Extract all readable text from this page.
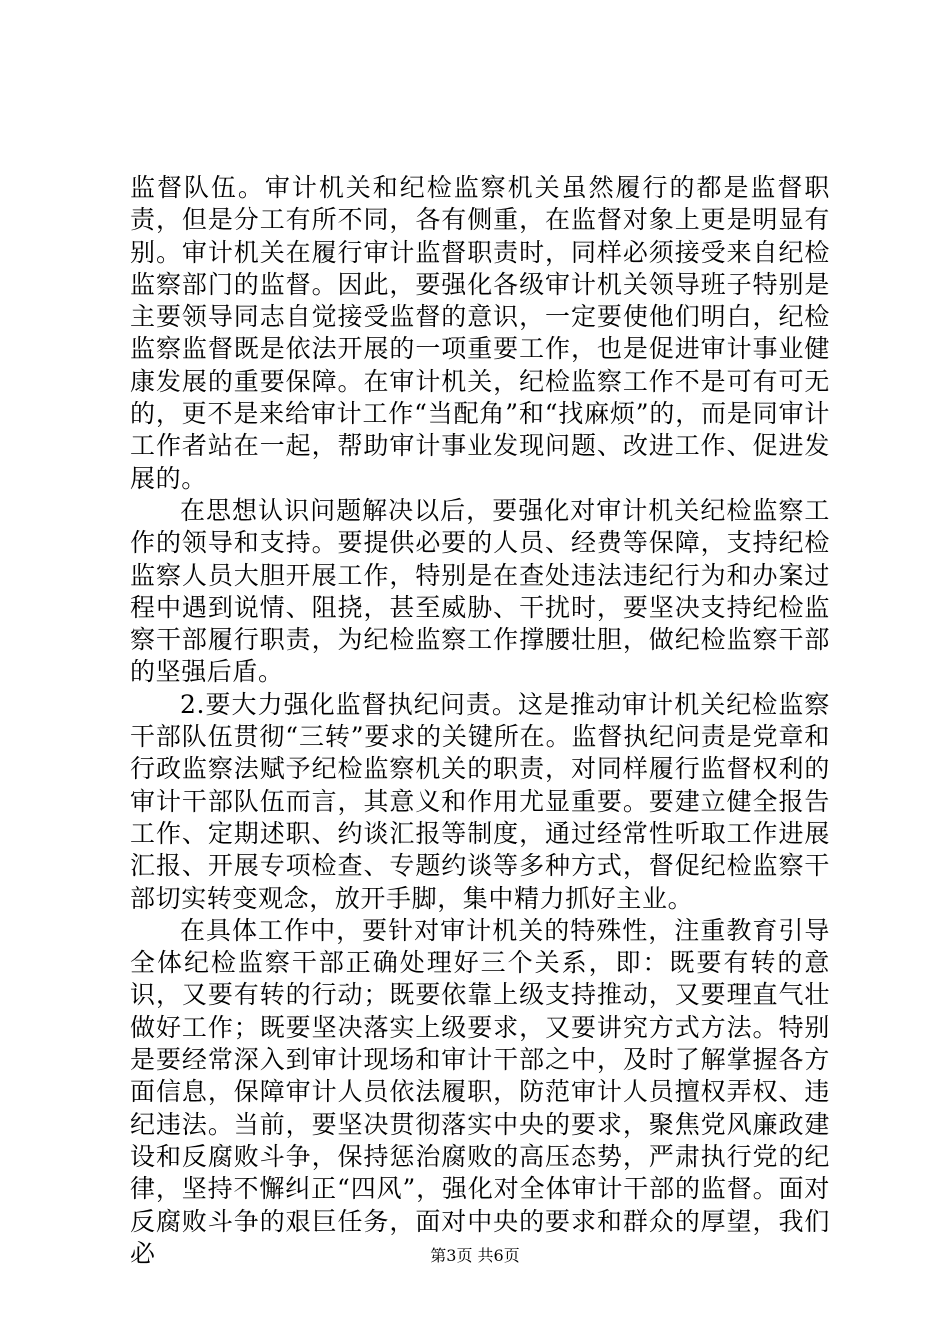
监督队伍。审计机关和纪检监察机关虽然履行的都是监督职责，但是分工有所不同，各有侧重，在监督对象上更是明显有别。审计机关在履行审计监督职责时，同样必须接受来自纪检监察部门的监督。因此，要强化各级审计机关领导班子特别是主要领导同志自觉接受监督的意识，一定要使他们明白，纪检监察监督既是依法开展的一项重要工作，也是促进审计事业健康发展的重要保障。在审计机关，纪检监察工作不是可有可无的，更不是来给审计工作“当配角”和“找麻烦”的，而是同审计工作者站在一起，帮助审计事业发现问题、改进工作、促进发展的。

在思想认识问题解决以后，要强化对审计机关纪检监察工作的领导和支持。要提供必要的人员、经费等保障，支持纪检监察人员大胆开展工作，特别是在查处违法违纪行为和办案过程中遇到说情、阻挠，甚至威胁、干扰时，要坚决支持纪检监察干部履行职责，为纪检监察工作撑腰壮胆，做纪检监察干部的坚强后盾。

2.要大力强化监督执纪问责。这是推动审计机关纪检监察干部队伍贯彻“三转”要求的关键所在。监督执纪问责是党章和行政监察法赋予纪检监察机关的职责，对同样履行监督权利的审计干部队伍而言，其意义和作用尤显重要。要建立健全报告工作、定期述职、约谈汇报等制度，通过经常性听取工作进展汇报、开展专项检查、专题约谈等多种方式，督促纪检监察干部切实转变观念，放开手脚，集中精力抓好主业。

在具体工作中，要针对审计机关的特殊性，注重教育引导全体纪检监察干部正确处理好三个关系，即：既要有转的意识，又要有转的行动；既要依靠上级支持推动，又要理直气壮做好工作；既要坚决落实上级要求，又要讲究方式方法。特别是要经常深入到审计现场和审计干部之中，及时了解掌握各方面信息，保障审计人员依法履职，防范审计人员擅权弄权、违纪违法。当前，要坚决贯彻落实中央的要求，聚焦党风廉政建设和反腐败斗争，保持惩治腐败的高压态势，严肃执行党的纪律，坚持不懈纠正“四风”，强化对全体审计干部的监督。面对反腐败斗争的艰巨任务，面对中央的要求和群众的厚望，我们必	第3页 共6页
